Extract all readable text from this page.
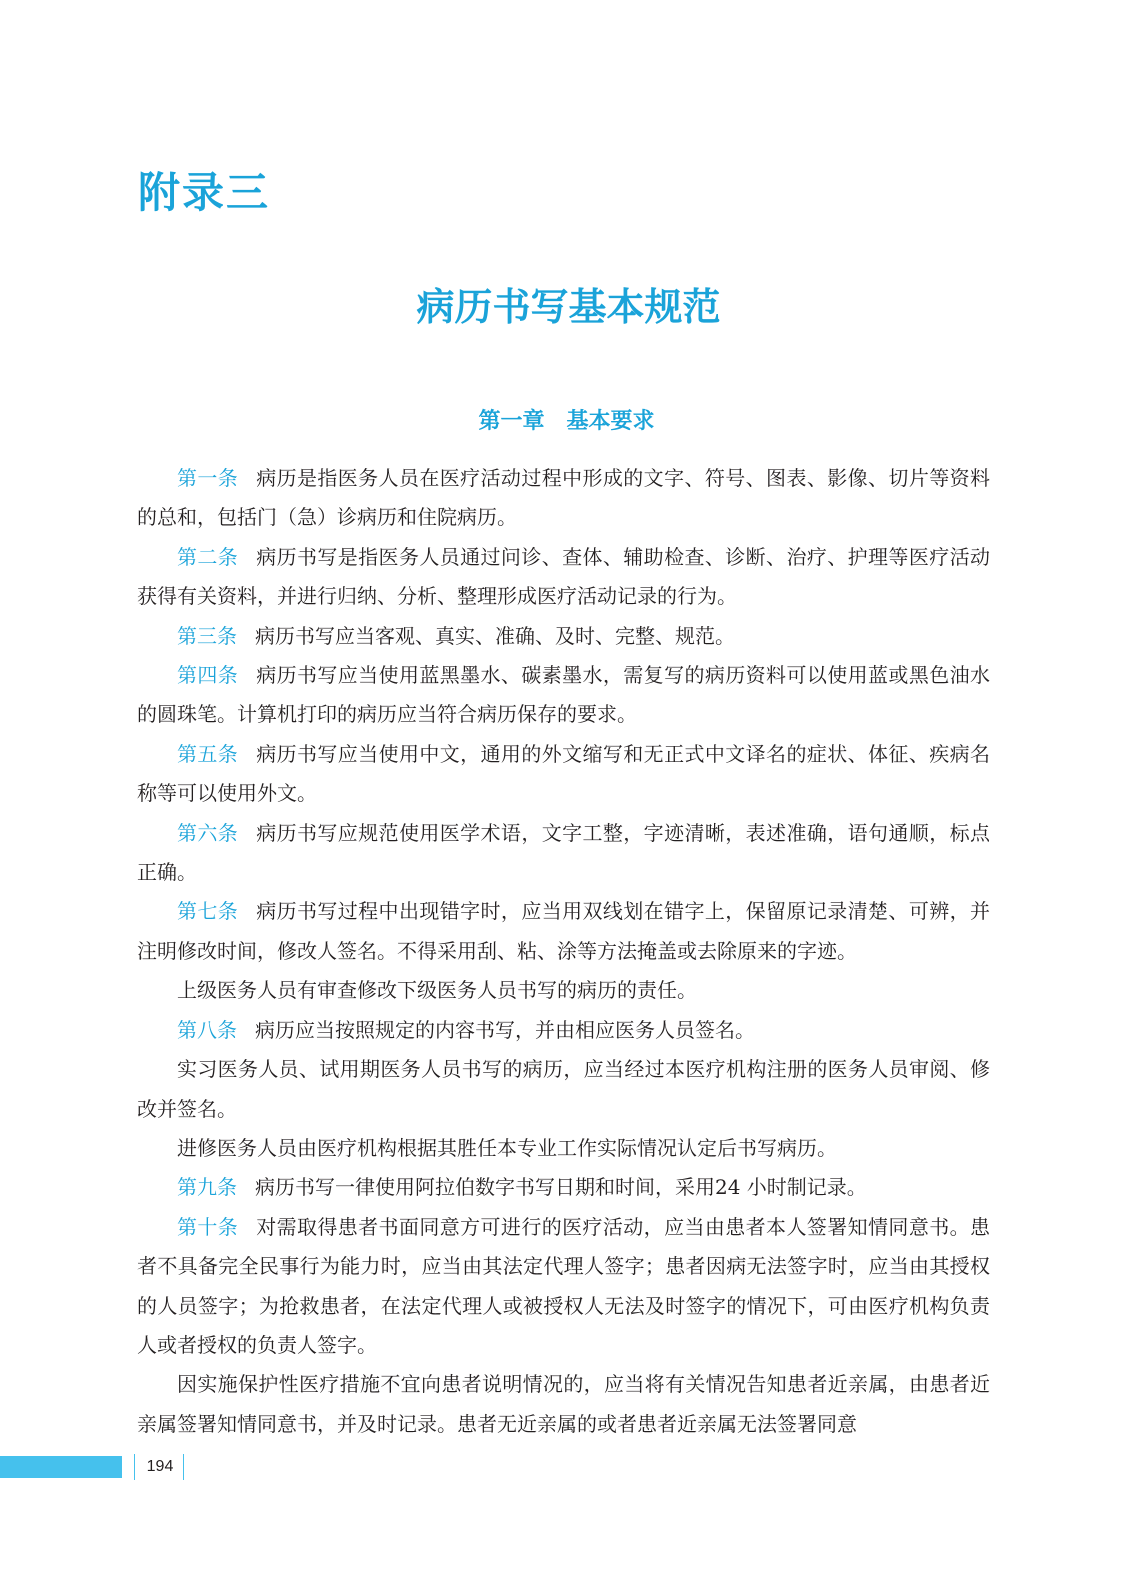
附录三
病历书写基本规范
第一章　基本要求

第一条 病历是指医务人员在医疗活动过程中形成的文字、符号、图表、影像、切片等资料的总和，包括门（急）诊病历和住院病历。

第二条 病历书写是指医务人员通过问诊、查体、辅助检查、诊断、治疗、护理等医疗活动获得有关资料，并进行归纳、分析、整理形成医疗活动记录的行为。

第三条 病历书写应当客观、真实、准确、及时、完整、规范。

第四条 病历书写应当使用蓝黑墨水、碳素墨水，需复写的病历资料可以使用蓝或黑色油水的圆珠笔。计算机打印的病历应当符合病历保存的要求。

第五条 病历书写应当使用中文，通用的外文缩写和无正式中文译名的症状、体征、疾病名称等可以使用外文。

第六条 病历书写应规范使用医学术语，文字工整，字迹清晰，表述准确，语句通顺，标点正确。

第七条 病历书写过程中出现错字时，应当用双线划在错字上，保留原记录清楚、可辨，并注明修改时间，修改人签名。不得采用刮、粘、涂等方法掩盖或去除原来的字迹。

上级医务人员有审查修改下级医务人员书写的病历的责任。

第八条 病历应当按照规定的内容书写，并由相应医务人员签名。

实习医务人员、试用期医务人员书写的病历，应当经过本医疗机构注册的医务人员审阅、修改并签名。

进修医务人员由医疗机构根据其胜任本专业工作实际情况认定后书写病历。

第九条 病历书写一律使用阿拉伯数字书写日期和时间，采用24 小时制记录。

第十条 对需取得患者书面同意方可进行的医疗活动，应当由患者本人签署知情同意书。患者不具备完全民事行为能力时，应当由其法定代理人签字；患者因病无法签字时，应当由其授权的人员签字；为抢救患者，在法定代理人或被授权人无法及时签字的情况下，可由医疗机构负责人或者授权的负责人签字。

因实施保护性医疗措施不宜向患者说明情况的，应当将有关情况告知患者近亲属，由患者近亲属签署知情同意书，并及时记录。患者无近亲属的或者患者近亲属无法签署同意

194
